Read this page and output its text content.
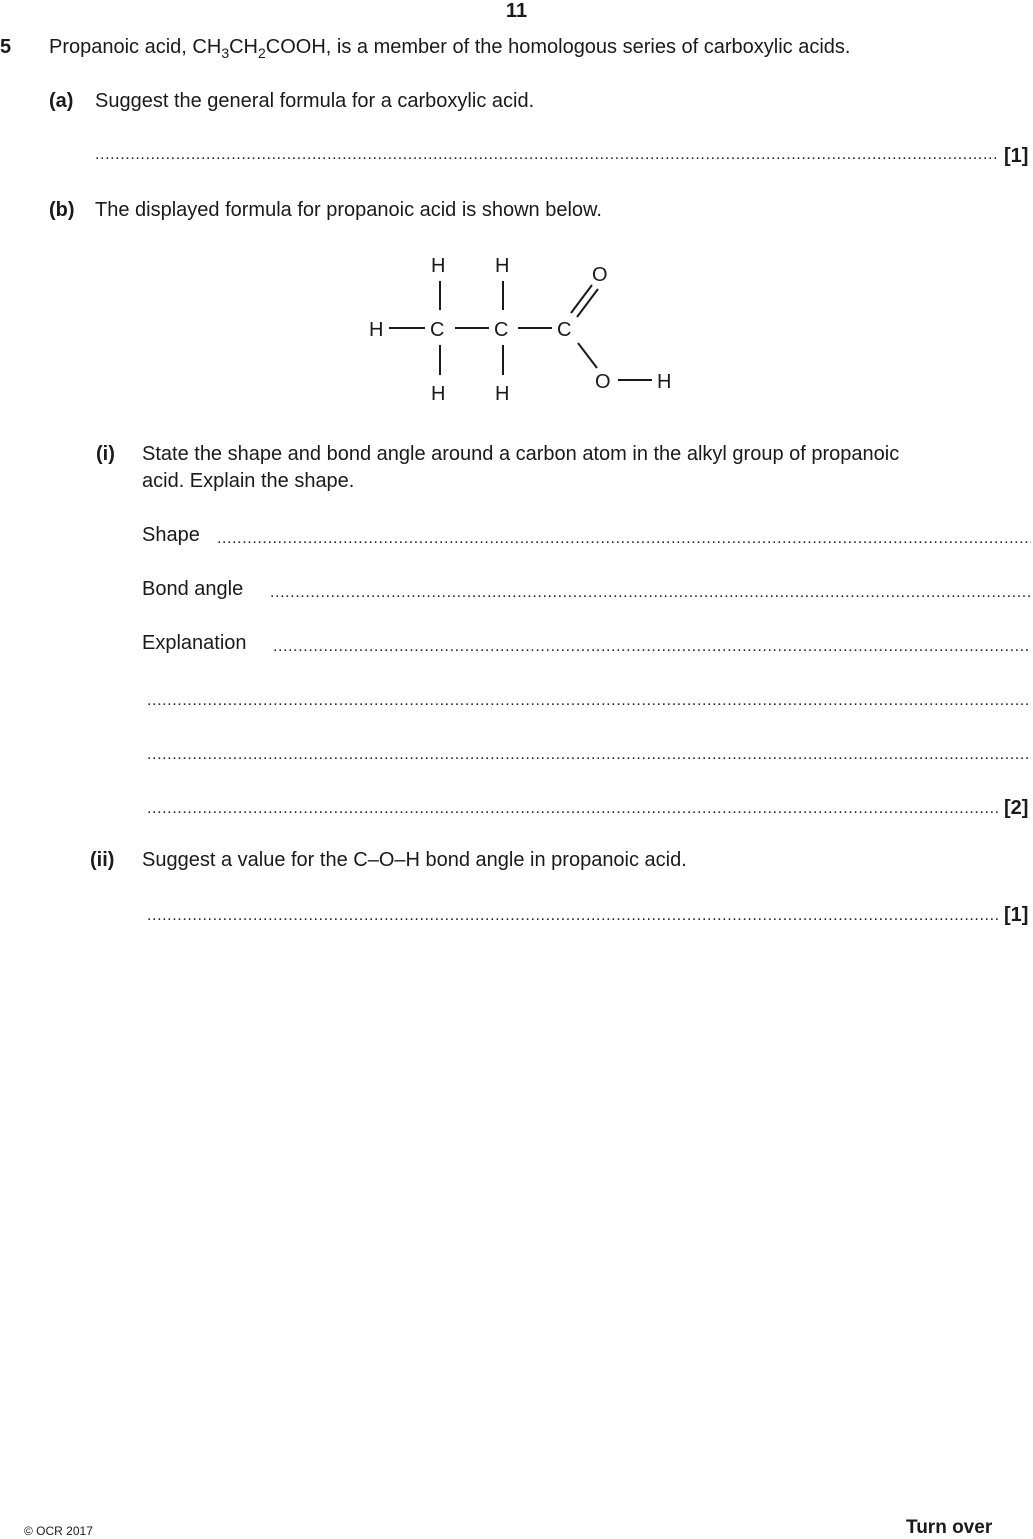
11
5 Propanoic acid, $CH_3CH_2COOH$, is a member of the homologous series of carboxylic acids.
(a) Suggest the general formula for a carboxylic acid.
.....
[1]
(b) The displayed formula for propanoic acid is shown below.
H C C C
H
H
H
H
O
O H
(i) State the shape and bond angle around a carbon atom in the alkyl group of propanoic
acid. Explain the shape.
Shape
.....
Bond angle
.....
Explanation
.....
.....
.....
.....
[2]
(ii) Suggest a value for the C–O–H bond angle in propanoic acid.
.....
[1]
© OCR 2017	Turn over
